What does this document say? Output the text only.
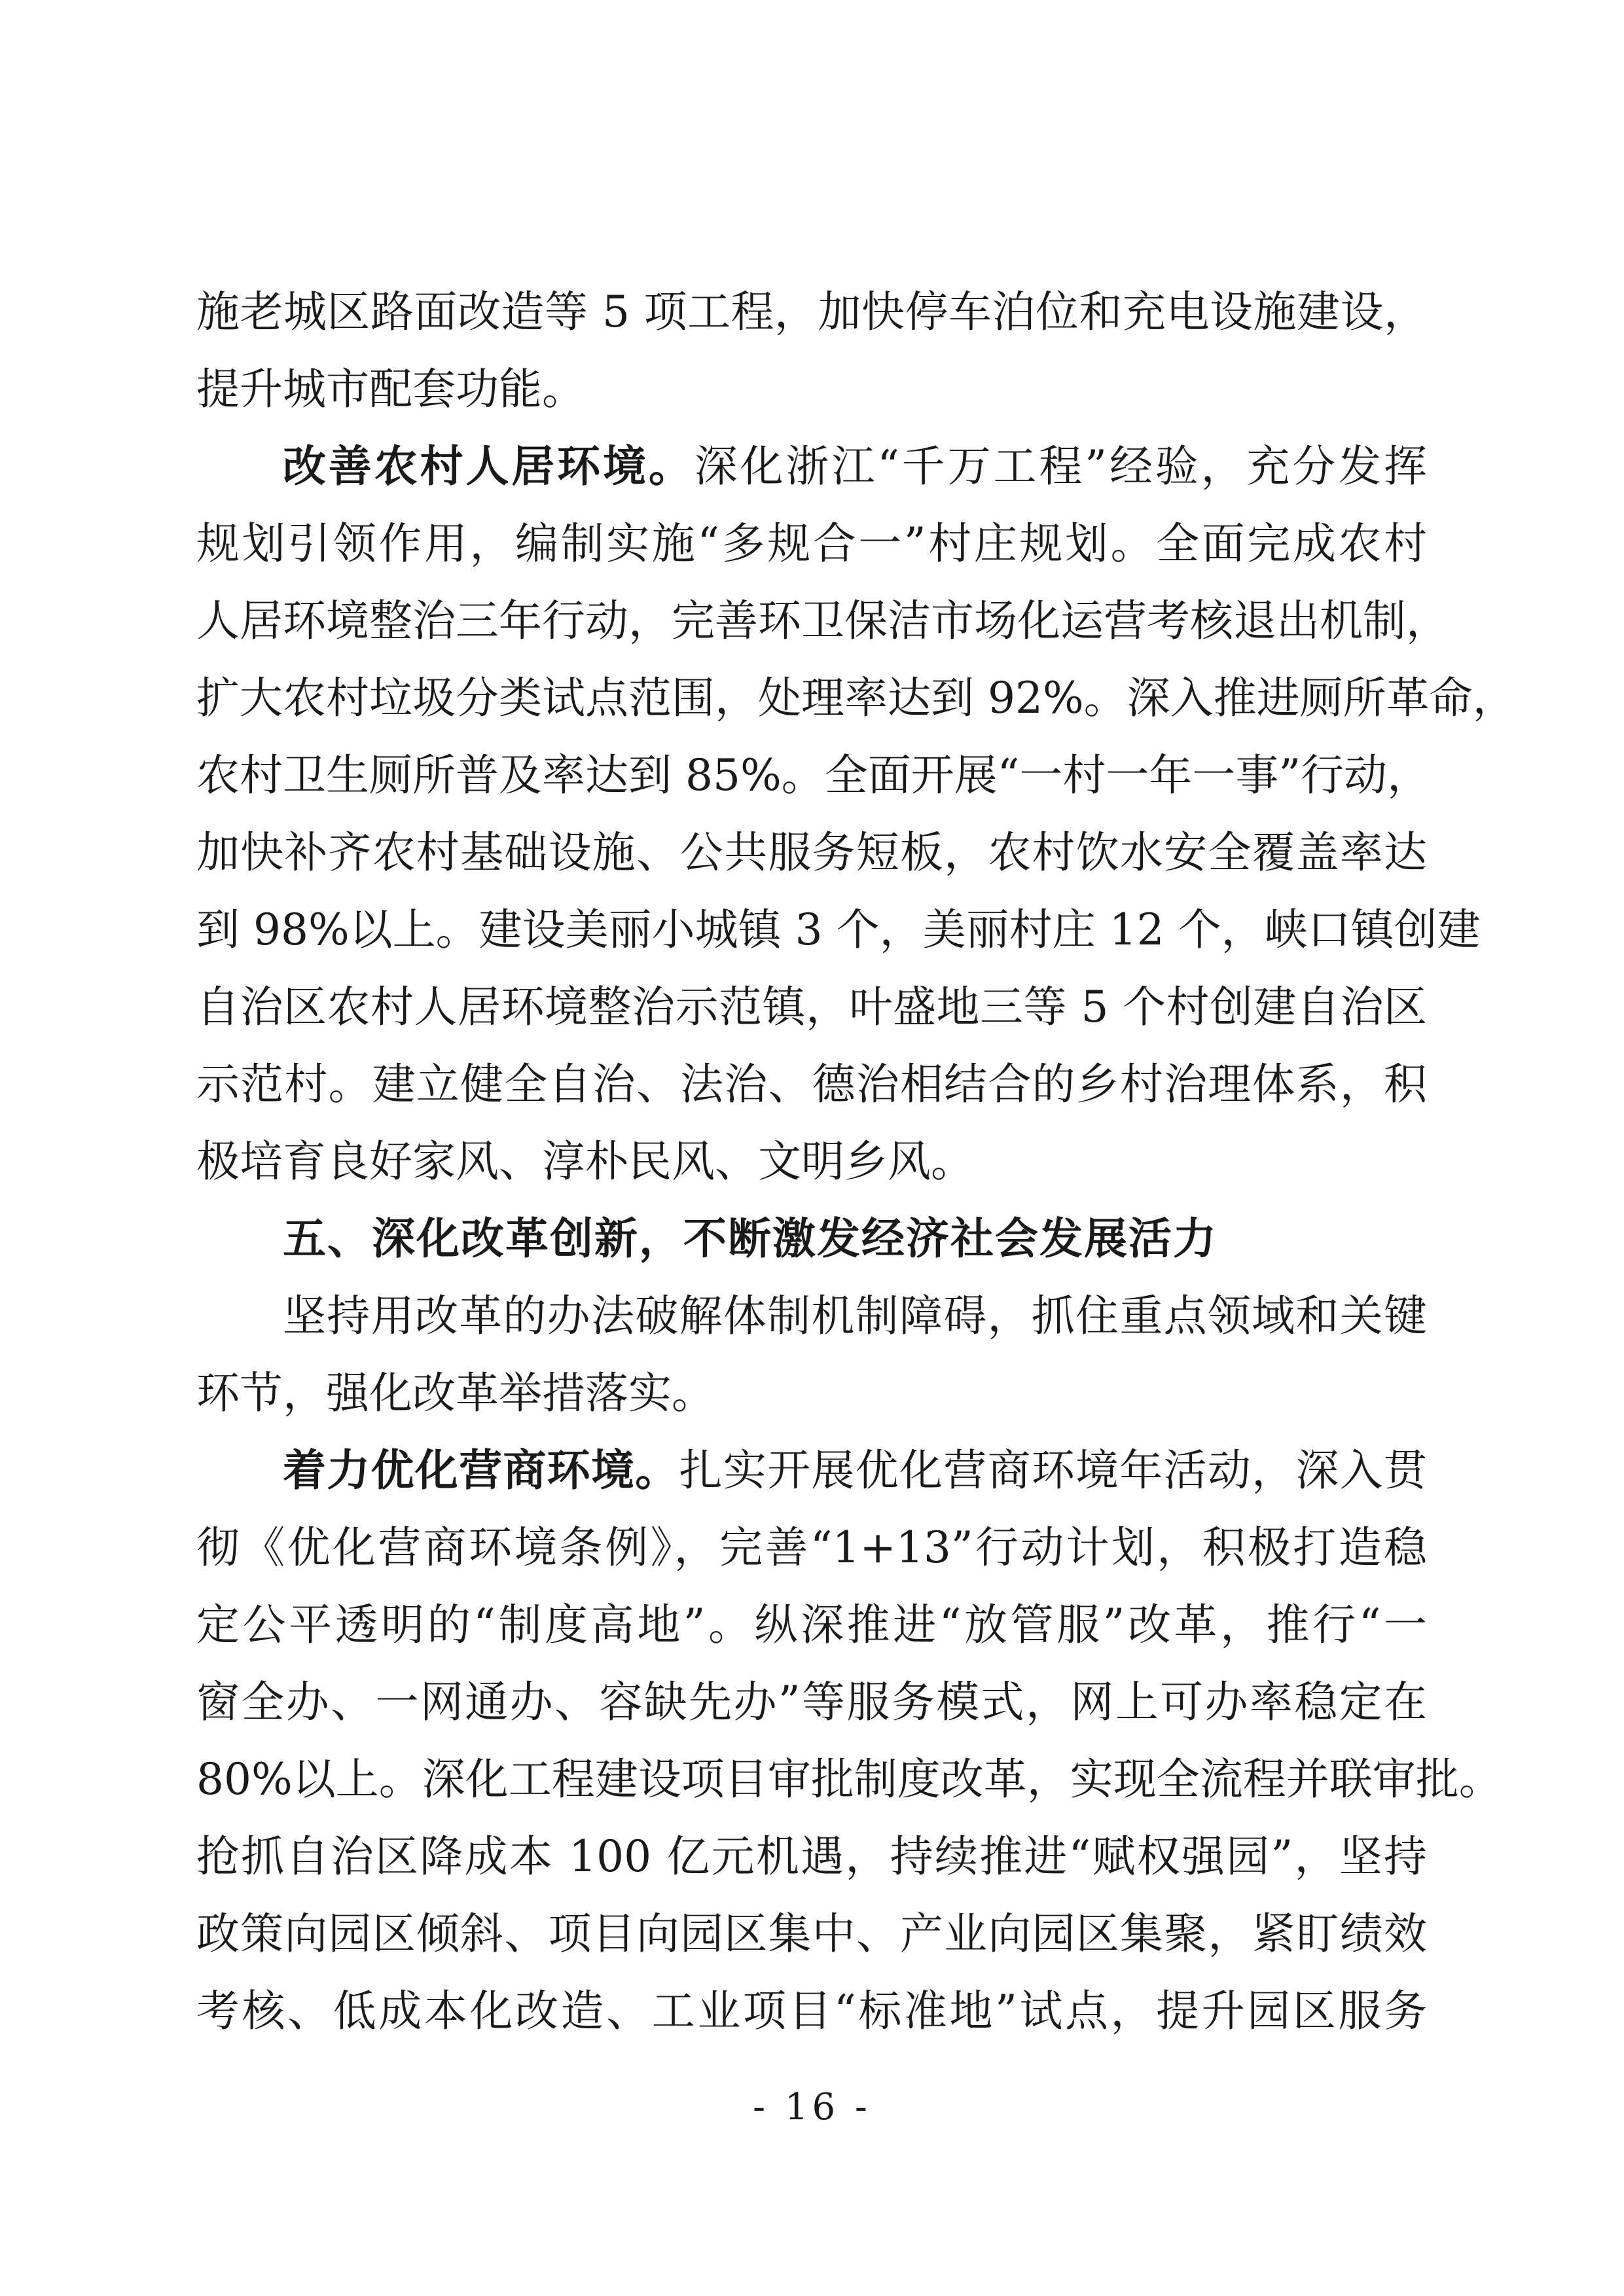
施老城区路面改造等 5 项工程，加快停车泊位和充电设施建设，
提升城市配套功能。
改善农村人居环境。深化浙江“千万工程”经验，充分发挥
规划引领作用，编制实施“多规合一”村庄规划。全面完成农村
人居环境整治三年行动，完善环卫保洁市场化运营考核退出机制，
扩大农村垃圾分类试点范围，处理率达到 92%。深入推进厕所革命，
农村卫生厕所普及率达到 85%。全面开展“一村一年一事”行动，
加快补齐农村基础设施、公共服务短板，农村饮水安全覆盖率达
到 98%以上。建设美丽小城镇 3 个，美丽村庄 12 个，峡口镇创建
自治区农村人居环境整治示范镇，叶盛地三等 5 个村创建自治区
示范村。建立健全自治、法治、德治相结合的乡村治理体系，积
极培育良好家风、淳朴民风、文明乡风。
五、深化改革创新，不断激发经济社会发展活力
坚持用改革的办法破解体制机制障碍，抓住重点领域和关键
环节，强化改革举措落实。
着力优化营商环境。扎实开展优化营商环境年活动，深入贯
彻《优化营商环境条例》，完善“1+13”行动计划，积极打造稳
定公平透明的“制度高地”。纵深推进“放管服”改革，推行“一
窗全办、一网通办、容缺先办”等服务模式，网上可办率稳定在
80%以上。深化工程建设项目审批制度改革，实现全流程并联审批。
抢抓自治区降成本 100 亿元机遇，持续推进“赋权强园”，坚持
政策向园区倾斜、项目向园区集中、产业向园区集聚，紧盯绩效
考核、低成本化改造、工业项目“标准地”试点，提升园区服务
- 16 -
